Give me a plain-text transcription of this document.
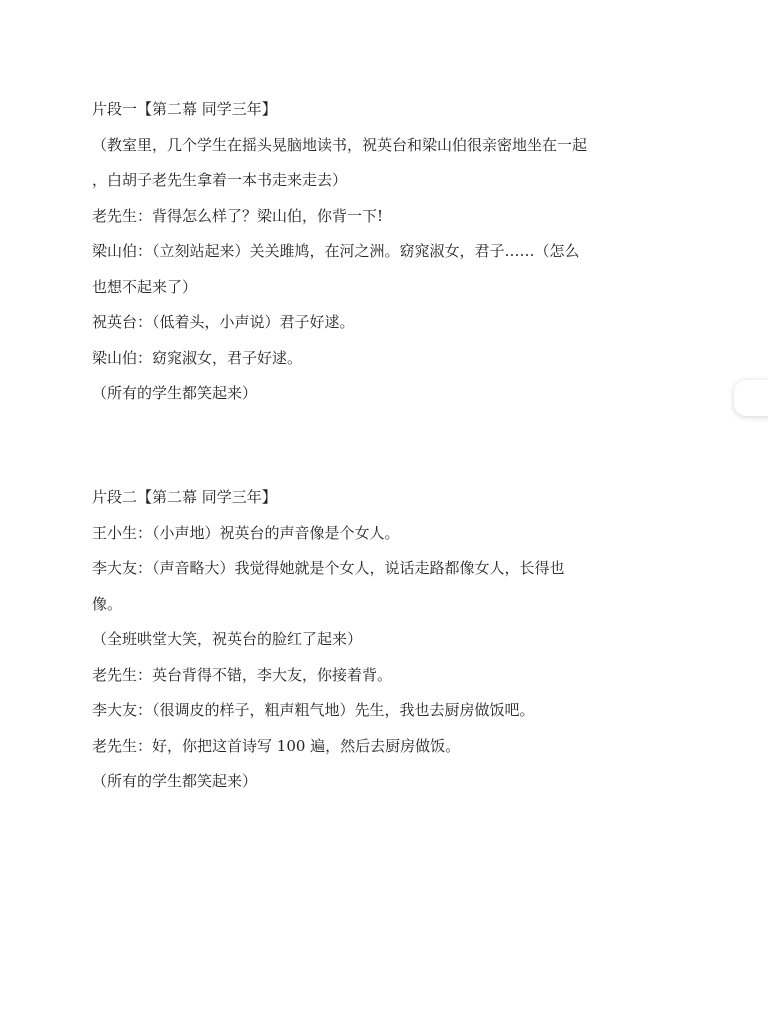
片段一【第二幕 同学三年】

（教室里，几个学生在摇头晃脑地读书，祝英台和梁山伯很亲密地坐在一起

，白胡子老先生拿着一本书走来走去）

老先生：背得怎么样了？梁山伯，你背一下!

梁山伯：（立刻站起来）关关雎鸠，在河之洲。窈窕淑女，君子……（怎么

也想不起来了）

祝英台：（低着头，小声说）君子好逑。

梁山伯：窈窕淑女，君子好逑。

（所有的学生都笑起来）

片段二【第二幕 同学三年】

王小生：（小声地）祝英台的声音像是个女人。

李大友：（声音略大）我觉得她就是个女人，说话走路都像女人，长得也

像。

（全班哄堂大笑，祝英台的脸红了起来）

老先生：英台背得不错，李大友，你接着背。

李大友：（很调皮的样子，粗声粗气地）先生，我也去厨房做饭吧。

老先生：好，你把这首诗写 100 遍，然后去厨房做饭。

（所有的学生都笑起来）
